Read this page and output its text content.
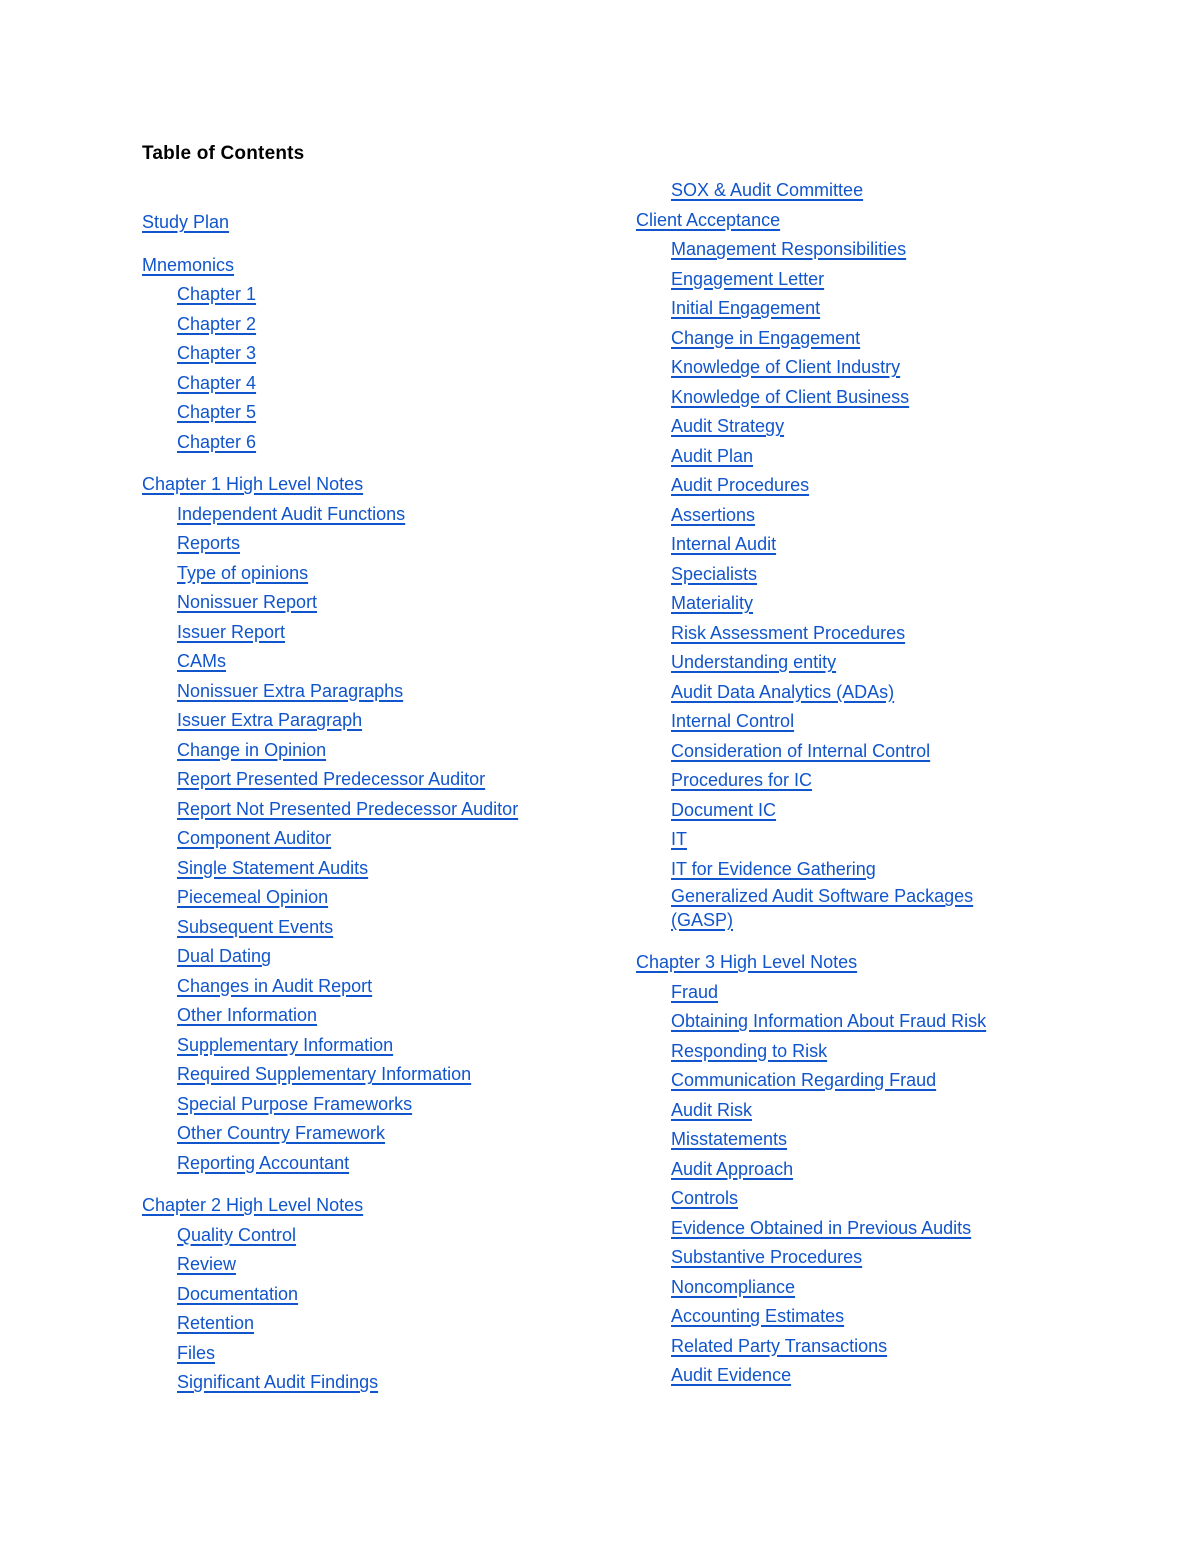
Table of Contents
Study Plan
Mnemonics
Chapter 1
Chapter 2
Chapter 3
Chapter 4
Chapter 5
Chapter 6
Chapter 1 High Level Notes
Independent Audit Functions
Reports
Type of opinions
Nonissuer Report
Issuer Report
CAMs
Nonissuer Extra Paragraphs
Issuer Extra Paragraph
Change in Opinion
Report Presented Predecessor Auditor
Report Not Presented Predecessor Auditor
Component Auditor
Single Statement Audits
Piecemeal Opinion
Subsequent Events
Dual Dating
Changes in Audit Report
Other Information
Supplementary Information
Required Supplementary Information
Special Purpose Frameworks
Other Country Framework
Reporting Accountant
Chapter 2 High Level Notes
Quality Control
Review
Documentation
Retention
Files
Significant Audit Findings
SOX & Audit Committee
Client Acceptance
Management Responsibilities
Engagement Letter
Initial Engagement
Change in Engagement
Knowledge of Client Industry
Knowledge of Client Business
Audit Strategy
Audit Plan
Audit Procedures
Assertions
Internal Audit
Specialists
Materiality
Risk Assessment Procedures
Understanding entity
Audit Data Analytics (ADAs)
Internal Control
Consideration of Internal Control
Procedures for IC
Document IC
IT
IT for Evidence Gathering
Generalized Audit Software Packages (GASP)
Chapter 3 High Level Notes
Fraud
Obtaining Information About Fraud Risk
Responding to Risk
Communication Regarding Fraud
Audit Risk
Misstatements
Audit Approach
Controls
Evidence Obtained in Previous Audits
Substantive Procedures
Noncompliance
Accounting Estimates
Related Party Transactions
Audit Evidence
